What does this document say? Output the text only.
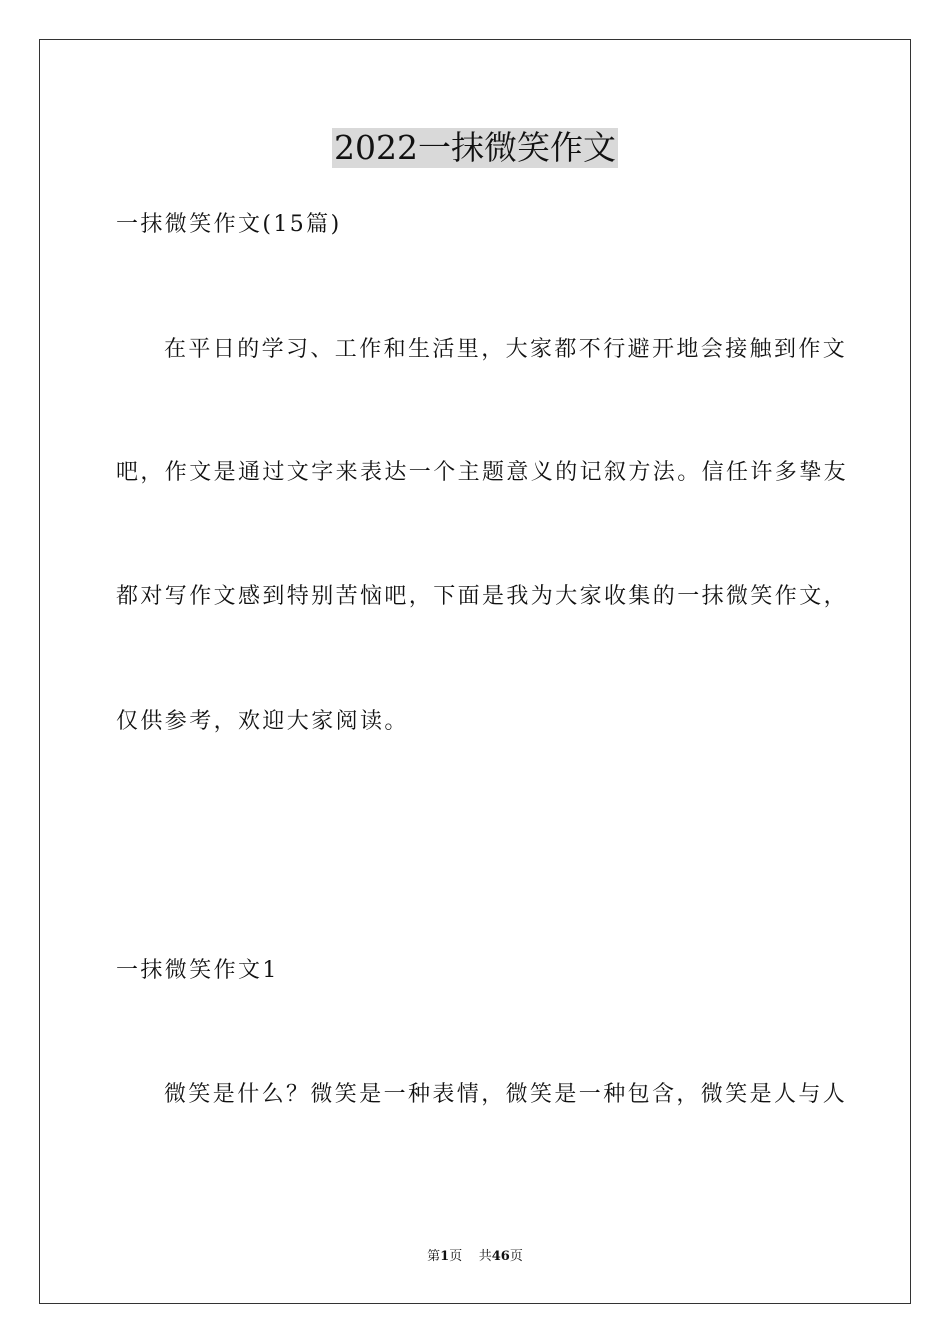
2022一抹微笑作文
一抹微笑作文(15篇)
在平日的学习、工作和生活里，大家都不行避开地会接触到作文
吧，作文是通过文字来表达一个主题意义的记叙方法。信任许多挚友
都对写作文感到特别苦恼吧，下面是我为大家收集的一抹微笑作文，
仅供参考，欢迎大家阅读。
一抹微笑作文1
微笑是什么？微笑是一种表情，微笑是一种包含，微笑是人与人
第1页 共46页
